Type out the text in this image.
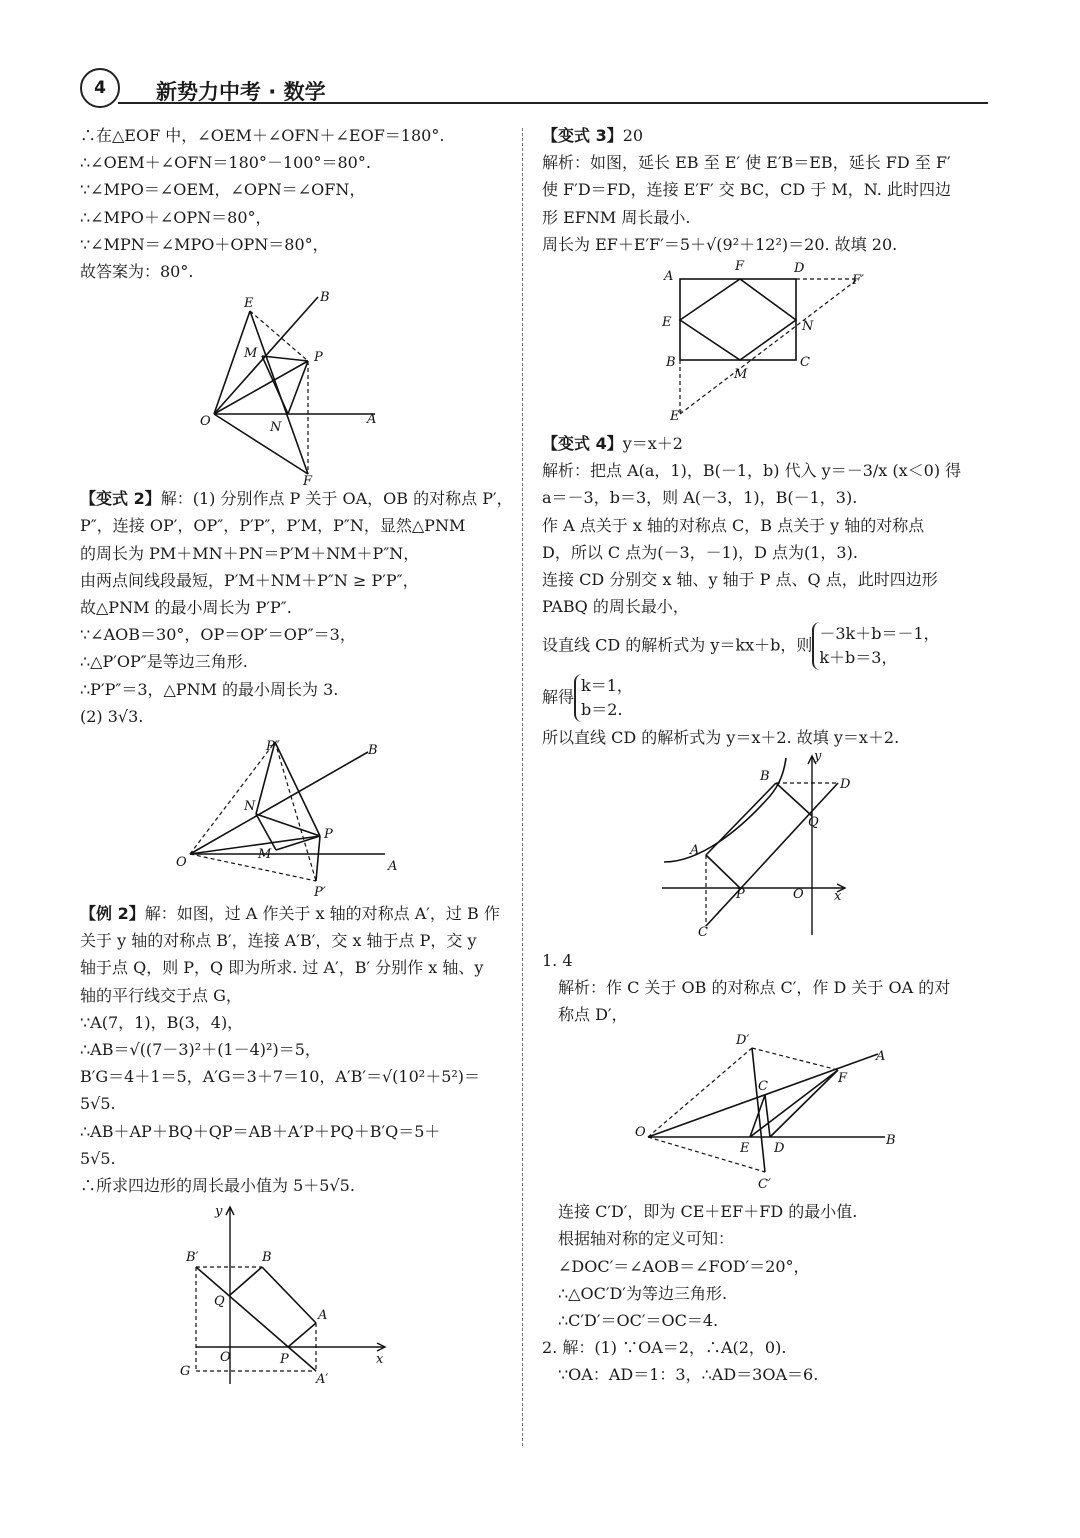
4	新势力中考 · 数学

∴在△EOF 中，∠OEM＋∠OFN＋∠EOF＝180°.

∴∠OEM＋∠OFN＝180°－100°＝80°.

∵∠MPO＝∠OEM，∠OPN＝∠OFN，

∴∠MPO＋∠OPN＝80°，

∵∠MPN＝∠MPO＋OPN＝80°，

故答案为：80°.

E	B
M	P
O	N
A
F

【变式 2】解：(1) 分别作点 P 关于 OA，OB 的对称点 P′，

P″，连接 OP′，OP″，P′P″，P′M，P″N，显然△PNM

的周长为 PM＋MN＋PN＝P′M＋NM＋P″N，

由两点间线段最短，P′M＋NM＋P″N ≥ P′P″，

故△PNM 的最小周长为 P′P″.

∵∠AOB＝30°，OP＝OP′＝OP″＝3，

∴△P′OP″是等边三角形.

∴P′P″＝3，△PNM 的最小周长为 3.

(2) 3√3.

P″	B
N
P
O
M
A
P′

【例 2】解：如图，过 A 作关于 x 轴的对称点 A′，过 B 作

关于 y 轴的对称点 B′，连接 A′B′，交 x 轴于点 P，交 y

轴于点 Q，则 P，Q 即为所求. 过 A′，B′ 分别作 x 轴、y

轴的平行线交于点 G，

∵A(7，1)，B(3，4)，

∴AB＝√((7－3)²＋(1－4)²)＝5，

B′G＝4＋1＝5，A′G＝3＋7＝10，A′B′＝√(10²＋5²)＝

5√5.

∴AB＋AP＋BQ＋QP＝AB＋A′P＋PQ＋B′Q＝5＋

5√5.

∴所求四边形的周长最小值为 5＋5√5.

y
B′	B
Q
A
O	P	x
G
A′

【变式 3】20

解析：如图，延长 EB 至 E′ 使 E′B＝EB，延长 FD 至 F′

使 F′D＝FD，连接 E′F′ 交 BC，CD 于 M，N. 此时四边

形 EFNM 周长最小.

周长为 EF＋E′F′＝5＋√(9²＋12²)＝20. 故填 20.

A
F	D
F′
E	N
B
M
C
E′

【变式 4】y＝x＋2

解析：把点 A(a，1)，B(－1，b) 代入 y＝－3/x (x＜0) 得

a＝－3，b＝3，则 A(－3，1)，B(－1，3).

作 A 点关于 x 轴的对称点 C，B 点关于 y 轴的对称点

D，所以 C 点为(－3，－1)，D 点为(1，3).

连接 CD 分别交 x 轴、y 轴于 P 点、Q 点，此时四边形

PABQ 的周长最小，

设直线 CD 的解析式为 y＝kx＋b，则－3k＋b＝－1，
k＋b＝3，

解得k＝1，
b＝2.

所以直线 CD 的解析式为 y＝x＋2. 故填 y＝x＋2.

B
y
D
Q
A
P	O x
C

1. 4

解析：作 C 关于 OB 的对称点 C′，作 D 关于 OA 的对

称点 D′，

D′
A
C
F
O
E D
B
C′

连接 C′D′，即为 CE＋EF＋FD 的最小值.

根据轴对称的定义可知：

∠DOC′＝∠AOB＝∠FOD′＝20°，

∴△OC′D′为等边三角形.

∴C′D′＝OC′＝OC＝4.

2. 解：(1) ∵OA＝2，∴A(2，0).

∵OA：AD＝1：3，∴AD＝3OA＝6.
